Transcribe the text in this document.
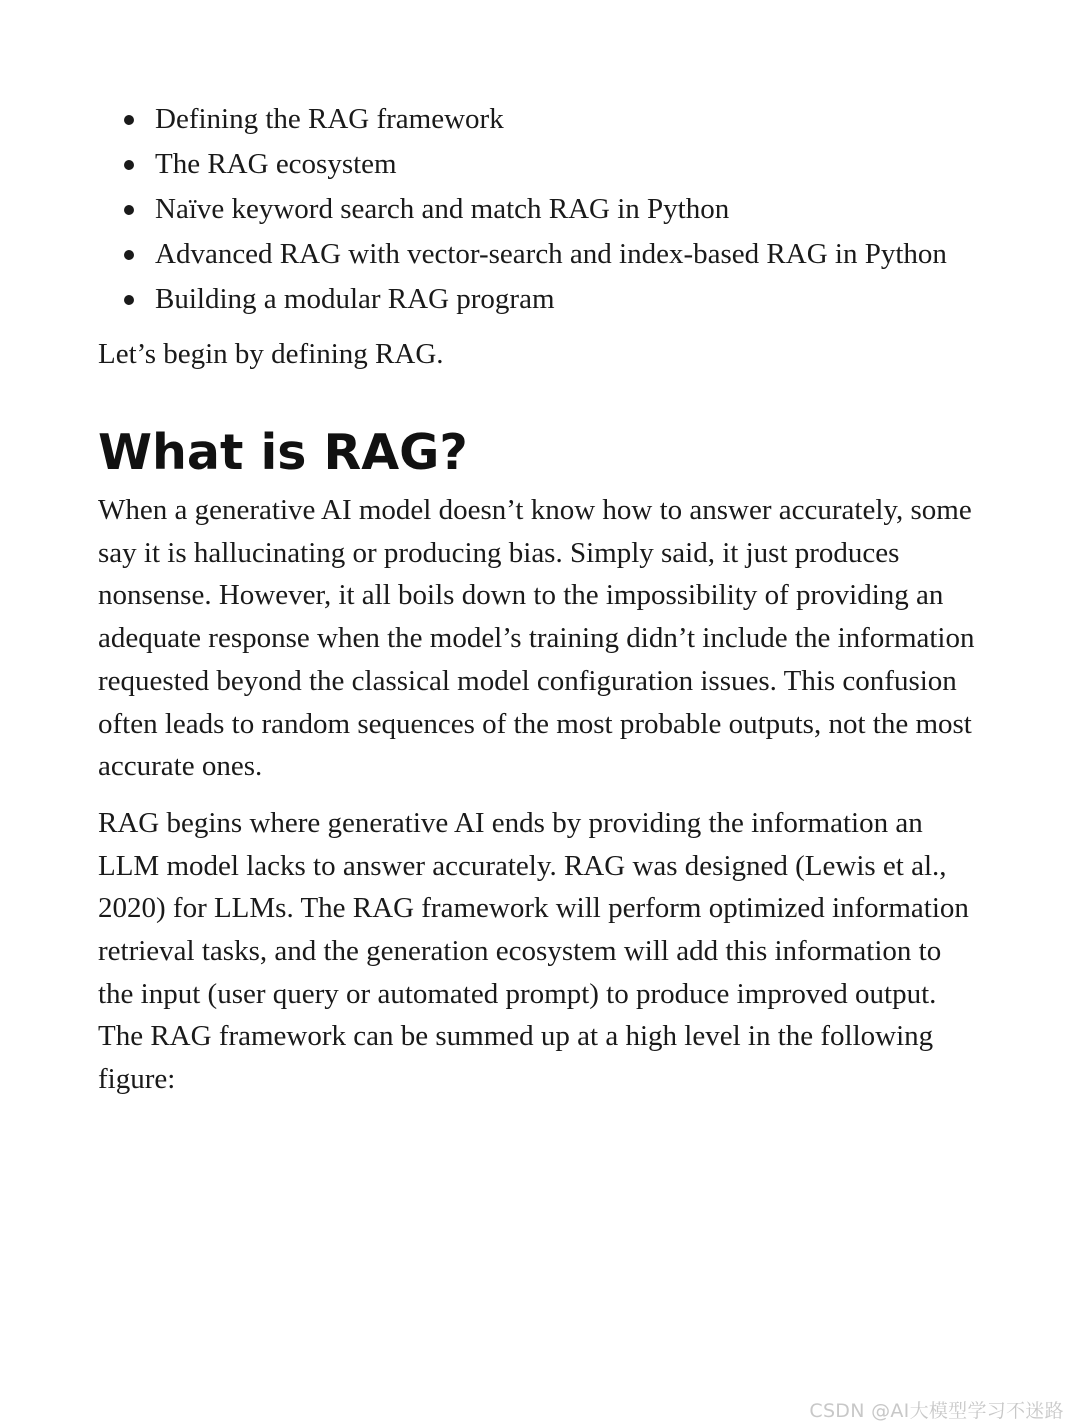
Defining the RAG framework
The RAG ecosystem
Naïve keyword search and match RAG in Python
Advanced RAG with vector-search and index-based RAG in Python
Building a modular RAG program

Let’s begin by defining RAG.

What is RAG?

When a generative AI model doesn’t know how to answer accurately, some say it is hallucinating or producing bias. Simply said, it just produces nonsense. However, it all boils down to the impossibility of providing an adequate response when the model’s training didn’t include the information requested beyond the classical model configuration issues. This confusion often leads to random sequences of the most probable outputs, not the most accurate ones.

RAG begins where generative AI ends by providing the information an LLM model lacks to answer accurately. RAG was designed (Lewis et al., 2020) for LLMs. The RAG framework will perform optimized information retrieval tasks, and the generation ecosystem will add this information to the input (user query or automated prompt) to produce improved output. The RAG framework can be summed up at a high level in the following figure:

CSDN @AI大模型学习不迷路
